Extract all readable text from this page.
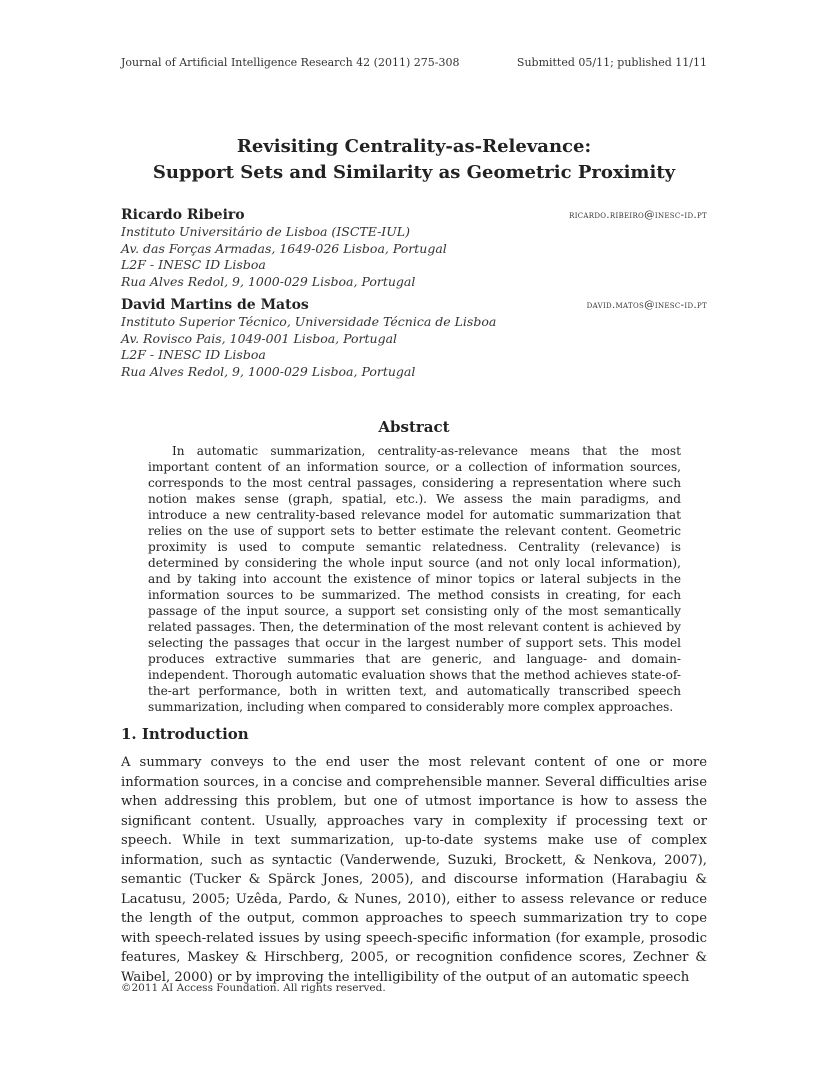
Journal of Artificial Intelligence Research 42 (2011) 275-308	Submitted 05/11; published 11/11
Revisiting Centrality-as-Relevance:
Support Sets and Similarity as Geometric Proximity
Ricardo Ribeiro	ricardo.ribeiro@inesc-id.pt
Instituto Universitário de Lisboa (ISCTE-IUL)
Av. das Forças Armadas, 1649-026 Lisboa, Portugal
L2F - INESC ID Lisboa
Rua Alves Redol, 9, 1000-029 Lisboa, Portugal
David Martins de Matos	david.matos@inesc-id.pt
Instituto Superior Técnico, Universidade Técnica de Lisboa
Av. Rovisco Pais, 1049-001 Lisboa, Portugal
L2F - INESC ID Lisboa
Rua Alves Redol, 9, 1000-029 Lisboa, Portugal
Abstract
In automatic summarization, centrality-as-relevance means that the most important content of an information source, or a collection of information sources, corresponds to the most central passages, considering a representation where such notion makes sense (graph, spatial, etc.). We assess the main paradigms, and introduce a new centrality-based relevance model for automatic summarization that relies on the use of support sets to better estimate the relevant content. Geometric proximity is used to compute semantic relatedness. Centrality (relevance) is determined by considering the whole input source (and not only local information), and by taking into account the existence of minor topics or lateral subjects in the information sources to be summarized. The method consists in creating, for each passage of the input source, a support set consisting only of the most semantically related passages. Then, the determination of the most relevant content is achieved by selecting the passages that occur in the largest number of support sets. This model produces extractive summaries that are generic, and language- and domain-independent. Thorough automatic evaluation shows that the method achieves state-of-the-art performance, both in written text, and automatically transcribed speech summarization, including when compared to considerably more complex approaches.
1. Introduction
A summary conveys to the end user the most relevant content of one or more information sources, in a concise and comprehensible manner. Several difficulties arise when addressing this problem, but one of utmost importance is how to assess the significant content. Usually, approaches vary in complexity if processing text or speech. While in text summarization, up-to-date systems make use of complex information, such as syntactic (Vanderwende, Suzuki, Brockett, & Nenkova, 2007), semantic (Tucker & Spärck Jones, 2005), and discourse information (Harabagiu & Lacatusu, 2005; Uzêda, Pardo, & Nunes, 2010), either to assess relevance or reduce the length of the output, common approaches to speech summarization try to cope with speech-related issues by using speech-specific information (for example, prosodic features, Maskey & Hirschberg, 2005, or recognition confidence scores, Zechner & Waibel, 2000) or by improving the intelligibility of the output of an automatic speech
©2011 AI Access Foundation. All rights reserved.
